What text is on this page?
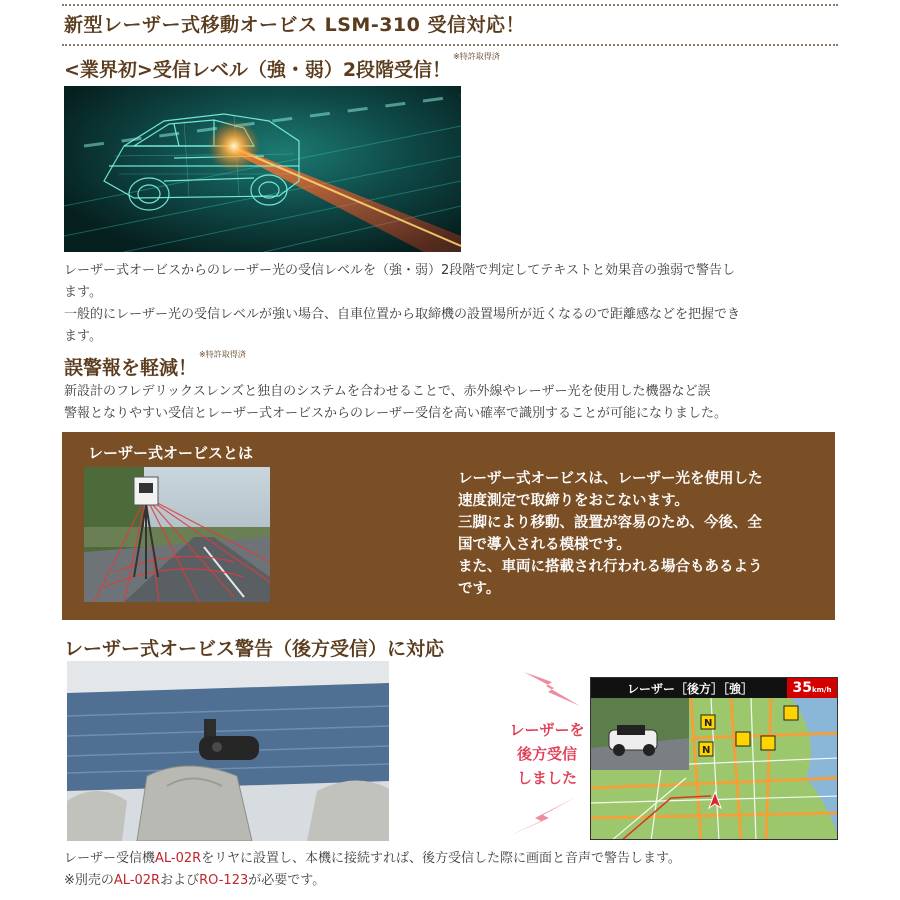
新型レーザー式移動オービス LSM-310 受信対応！
<業界初>受信レベル（強・弱）2段階受信！$^{※特許取得済}$

レーザー式オービスからのレーザー光の受信レベルを（強・弱）2段階で判定してテキストと効果音の強弱で警告し

ます。

一般的にレーザー光の受信レベルが強い場合、自車位置から取締機の設置場所が近くなるので距離感などを把握でき

ます。

誤警報を軽減！$^{※特許取得済}$

新設計のフレデリックスレンズと独自のシステムを合わせることで、赤外線やレーザー光を使用した機器など誤

警報となりやすい受信とレーザー式オービスからのレーザー受信を高い確率で識別することが可能になりました。

レーザー式オービスとは

レーザー式オービスは、レーザー光を使用した

速度測定で取締りをおこないます。

三脚により移動、設置が容易のため、今後、全

国で導入される模様です。

また、車両に搭載され行われる場合もあるよう

です。

レーザー式オービス警告（後方受信）に対応
レーザーを
後方受信
しました
N
N
レーザー［後方］［強］	35km/h

レーザー受信機AL-02Rをリヤに設置し、本機に接続すれば、後方受信した際に画面と音声で警告します。

※別売のAL-02RおよびRO-123が必要です。
